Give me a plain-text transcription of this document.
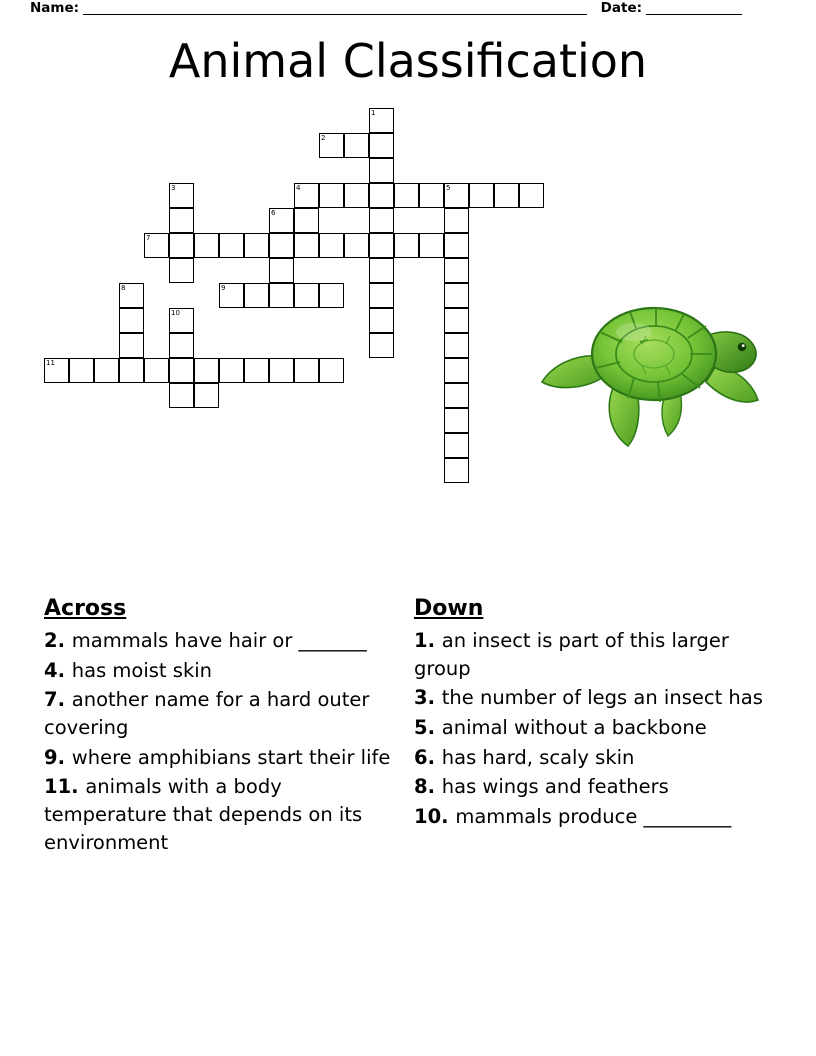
Name:	Date:
Animal Classification
1
2
3	4	5
6
7
8	9
10
11
Across
2. mammals have hair or _______
4. has moist skin
7. another name for a hard outer covering
9. where amphibians start their life
11. animals with a body temperature that depends on its environment
Down
1. an insect is part of this larger group
3. the number of legs an insect has
5. animal without a backbone
6. has hard, scaly skin
8. has wings and feathers
10. mammals produce _________
